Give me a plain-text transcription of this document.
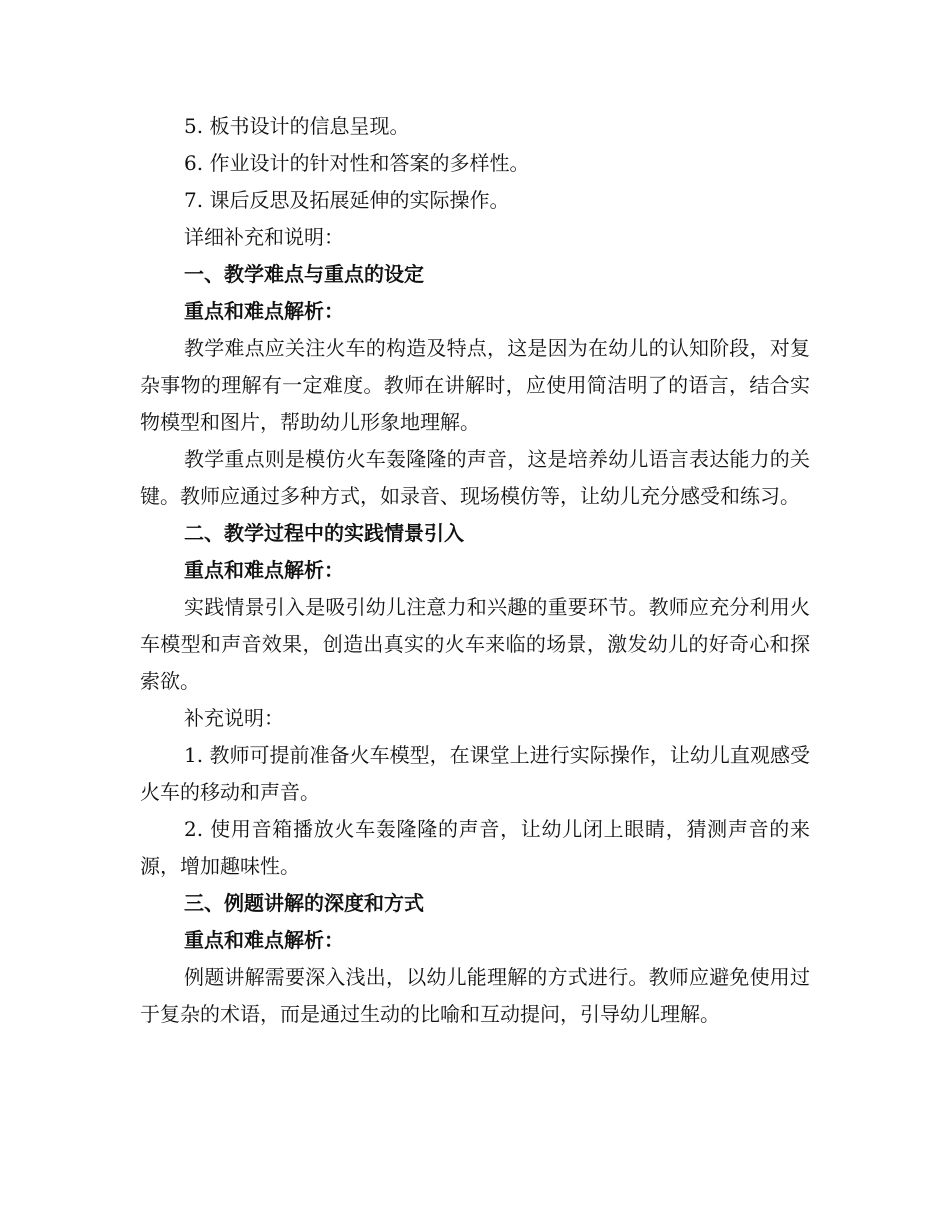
5. 板书设计的信息呈现。

6. 作业设计的针对性和答案的多样性。

7. 课后反思及拓展延伸的实际操作。

详细补充和说明：

一、教学难点与重点的设定

重点和难点解析：

教学难点应关注火车的构造及特点，这是因为在幼儿的认知阶段，对复杂事物的理解有一定难度。教师在讲解时，应使用简洁明了的语言，结合实物模型和图片，帮助幼儿形象地理解。

教学重点则是模仿火车轰隆隆的声音，这是培养幼儿语言表达能力的关键。教师应通过多种方式，如录音、现场模仿等，让幼儿充分感受和练习。

二、教学过程中的实践情景引入

重点和难点解析：

实践情景引入是吸引幼儿注意力和兴趣的重要环节。教师应充分利用火车模型和声音效果，创造出真实的火车来临的场景，激发幼儿的好奇心和探索欲。

补充说明：

1. 教师可提前准备火车模型，在课堂上进行实际操作，让幼儿直观感受火车的移动和声音。

2. 使用音箱播放火车轰隆隆的声音，让幼儿闭上眼睛，猜测声音的来源，增加趣味性。

三、例题讲解的深度和方式

重点和难点解析：

例题讲解需要深入浅出，以幼儿能理解的方式进行。教师应避免使用过于复杂的术语，而是通过生动的比喻和互动提问，引导幼儿理解。
